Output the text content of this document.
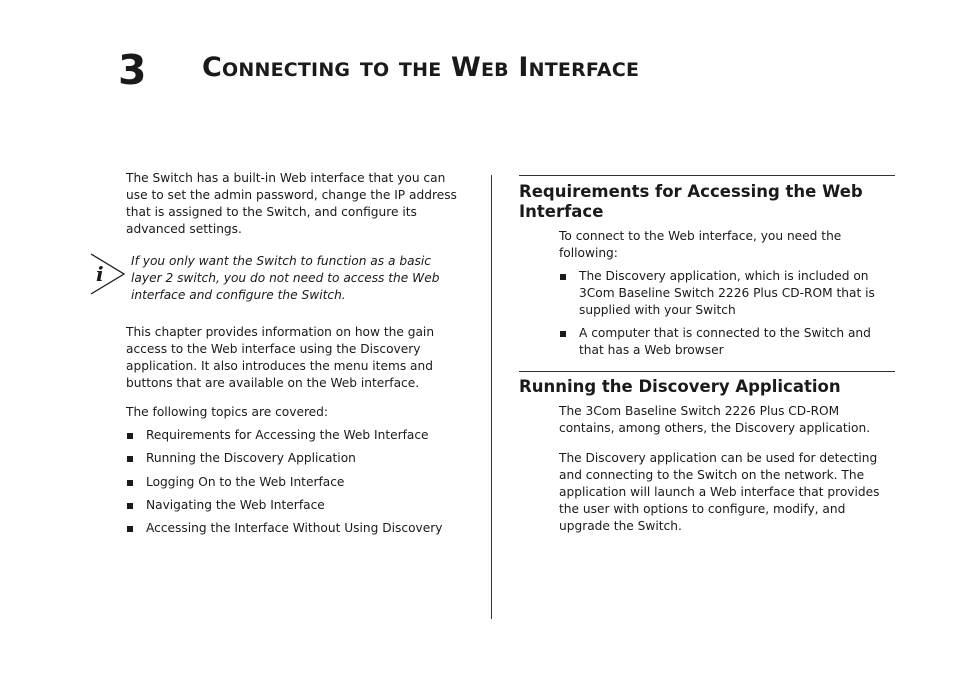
3 Connecting to the Web Interface

The Switch has a built-in Web interface that you can use to set the admin password, change the IP address that is assigned to the Switch, and configure its advanced settings.

i
If you only want the Switch to function as a basic layer 2 switch, you do not need to access the Web interface and configure the Switch.

This chapter provides information on how the gain access to the Web interface using the Discovery application. It also introduces the menu items and buttons that are available on the Web interface.

The following topics are covered:

Requirements for Accessing the Web Interface
Running the Discovery Application
Logging On to the Web Interface
Navigating the Web Interface
Accessing the Interface Without Using Discovery
Requirements for Accessing the Web Interface

To connect to the Web interface, you need the following:

The Discovery application, which is included on 3Com Baseline Switch 2226 Plus CD-ROM that is supplied with your Switch
A computer that is connected to the Switch and that has a Web browser
Running the Discovery Application

The 3Com Baseline Switch 2226 Plus CD-ROM contains, among others, the Discovery application.

The Discovery application can be used for detecting and connecting to the Switch on the network. The application will launch a Web interface that provides the user with options to configure, modify, and upgrade the Switch.
